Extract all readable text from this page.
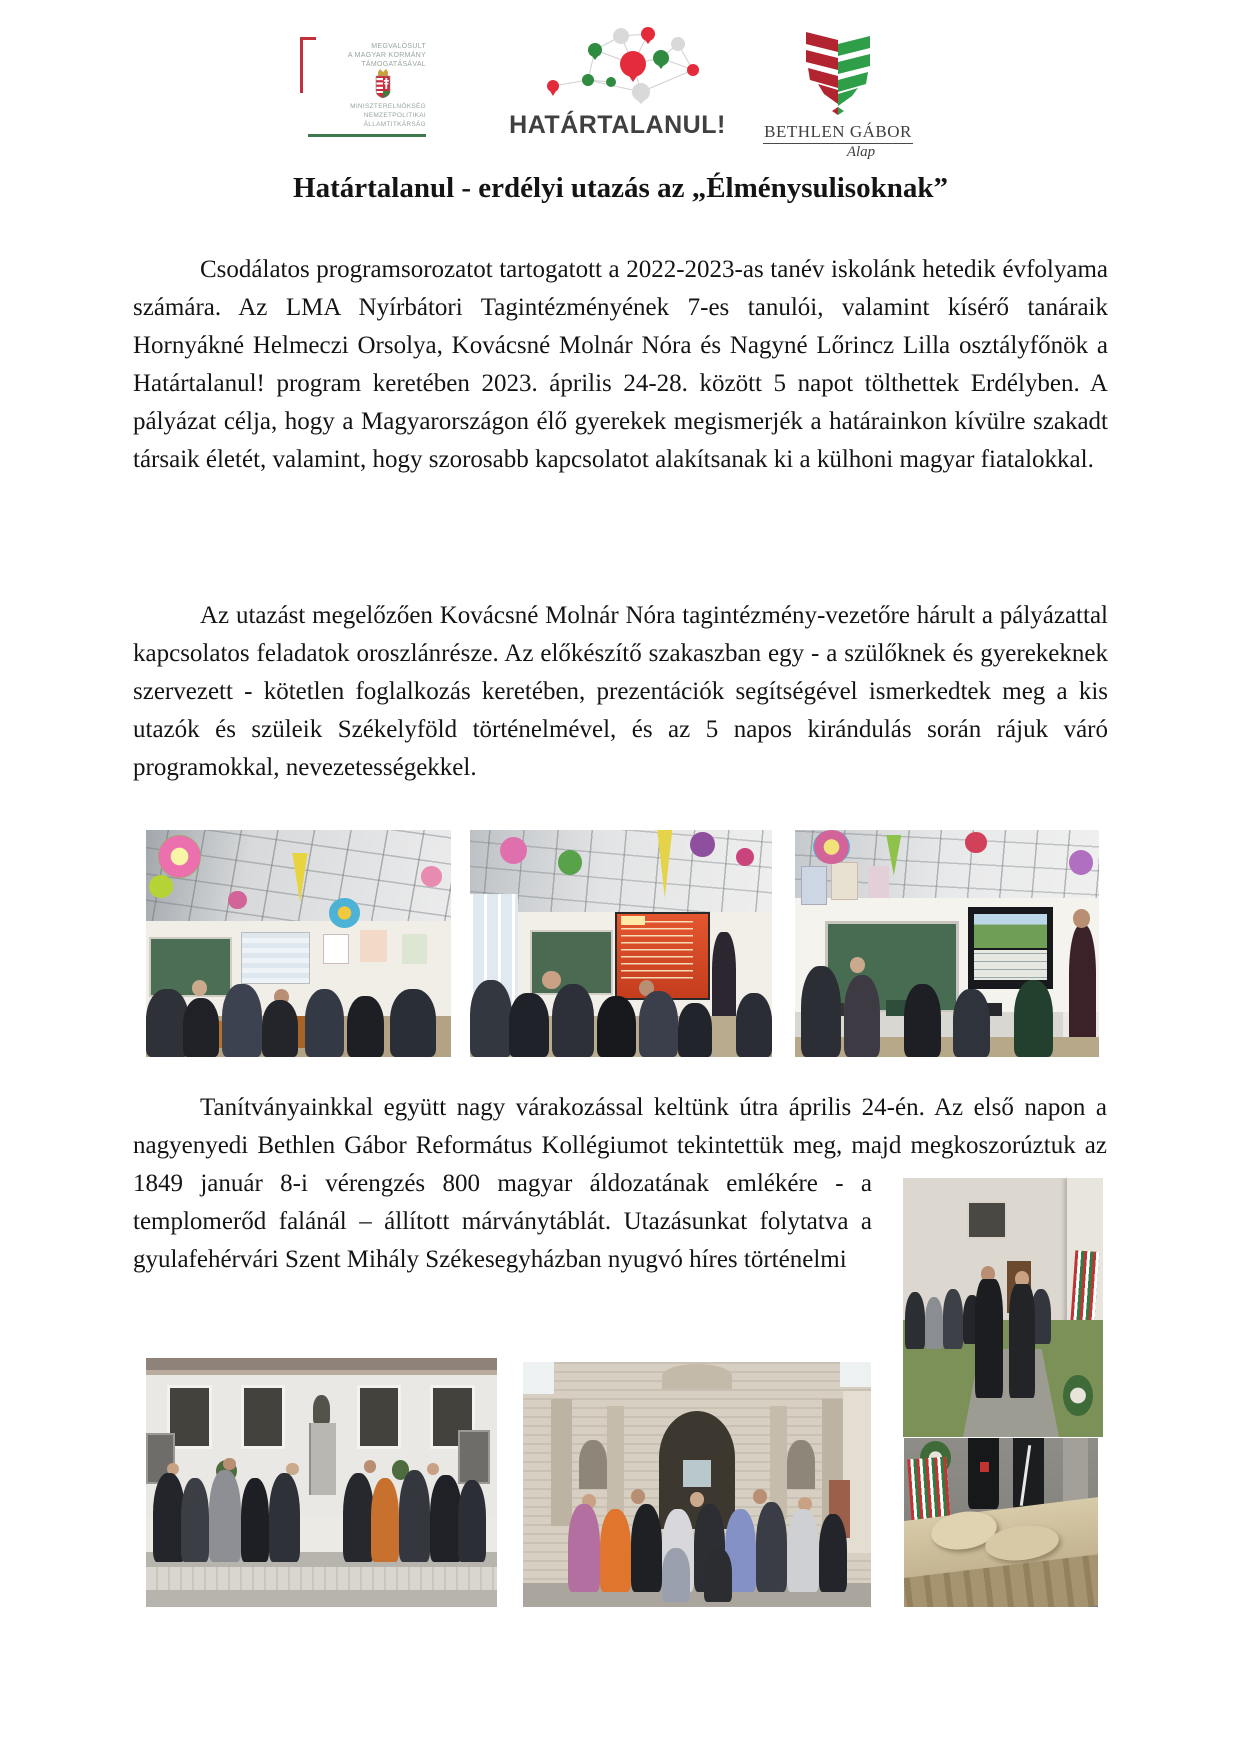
MEGVALÓSULT
A MAGYAR KORMÁNY
TÁMOGATÁSÁVAL
MINISZTERELNÖKSÉG
NEMZETPOLITIKAI ÁLLAMTITKÁRSÁG	HATÁRTALANUL!	BETHLEN GÁBOR
Alap
Határtalanul - erdélyi utazás az „Élménysulisoknak”

Csodálatos programsorozatot tartogatott a 2022-2023-as tanév iskolánk hetedik évfolyama számára. Az LMA Nyírbátori Tagintézményének 7-es tanulói, valamint kísérő tanáraik Hornyákné Helmeczi Orsolya, Kovácsné Molnár Nóra és Nagyné Lőrincz Lilla osztályfőnök a Határtalanul! program keretében 2023. április 24-28. között 5 napot tölthettek Erdélyben. A pályázat célja, hogy a Magyarországon élő gyerekek megismerjék a határainkon kívülre szakadt társaik életét, valamint, hogy szorosabb kapcsolatot alakítsanak ki a külhoni magyar fiatalokkal.

Az utazást megelőzően Kovácsné Molnár Nóra tagintézmény-vezetőre hárult a pályázattal kapcsolatos feladatok oroszlánrésze. Az előkészítő szakaszban egy - a szülőknek és gyerekeknek szervezett - kötetlen foglalkozás keretében, prezentációk segítségével ismerkedtek meg a kis utazók és szüleik Székelyföld történelmével, és az 5 napos kirándulás során rájuk váró programokkal, nevezetességekkel.

Tanítványainkkal együtt nagy várakozással keltünk útra április 24-én. Az első napon a nagyenyedi Bethlen Gábor Református Kollégiumot tekintettük meg, majd megkoszorúztuk az 1849 január 8-i vérengzés 800 magyar áldozatának emlékére - a templomerőd falánál – állított márványtáblát. Utazásunkat folytatva a gyulafehérvári Szent Mihály Székesegyházban nyugvó híres történelmi
